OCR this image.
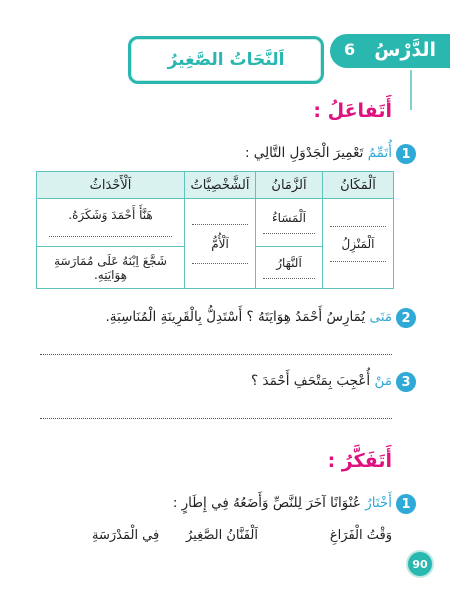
الدَّرْسُ
6
اَلنَّحَاتُ الصَّغِيرُ
أَتَفاعَلُ :
1
أُتَمِّمُ تَعْمِيرَ الْجَدْوَلِ التَّالِي :
اَلْمَكَانُ	اَلزَّمَانُ	اَلشَّخْصِيَّاتُ	اَلْأَحْدَاثُ

اَلْمَنْزِلُ	اَلْمَسَاءُ	اَلْأُمُّ	هَنَّأَ أَحْمَدَ وَشَكَرَهُ.

	اَلنَّهَارُ		شَجَّعَ اِبْنَهُ عَلَى مُمَارَسَةِ هِوَايَتِهِ.
2
مَتَى يُمَارِسُ أَحْمَدُ هِوَايَتَهُ ؟ أَسْتَدِلُّ بِالْقَرِينَةِ الْمُنَاسِبَةِ.
3
مَنْ أُعْجِبَ بِمَتْحَفِ أَحْمَدَ ؟
أَتَفَكَّرُ :
1
أَخْتَارُ عُنْوَانًا آخَرَ لِلنَّصِّ وَأَضَعُهُ فِي إِطَارٍ :
وَقْتُ الْفَرَاغِ
اَلْفَنَّانُ الصَّغِيرُ
فِي الْمَدْرَسَةِ
90
